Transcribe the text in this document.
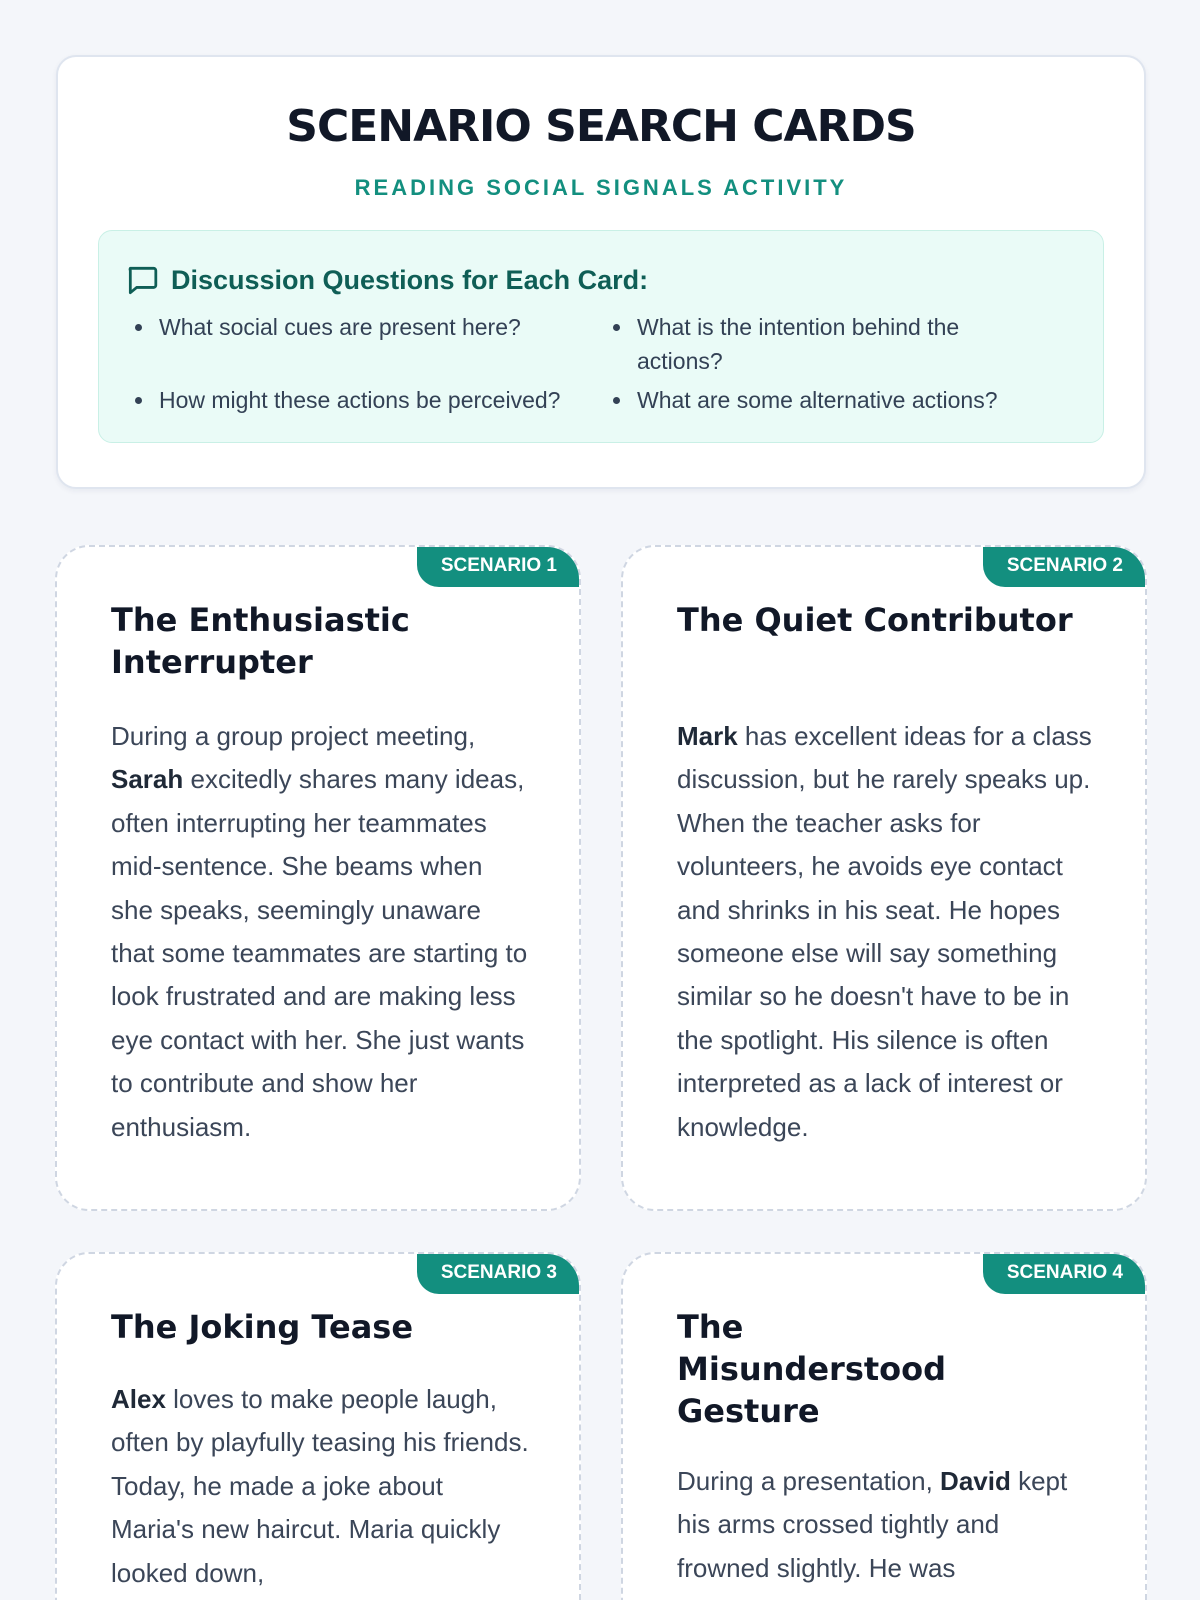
SCENARIO SEARCH CARDS
READING SOCIAL SIGNALS ACTIVITY
Discussion Questions for Each Card:
What social cues are present here?	What is the intention behind the actions?
How might these actions be perceived?	What are some alternative actions?
SCENARIO 1
The Enthusiastic Interrupter
During a group project meeting, Sarah excitedly shares many ideas, often interrupting her teammates mid-sentence. She beams when she speaks, seemingly unaware that some teammates are starting to look frustrated and are making less eye contact with her. She just wants to contribute and show her enthusiasm.
SCENARIO 2
The Quiet Contributor
Mark has excellent ideas for a class discussion, but he rarely speaks up. When the teacher asks for volunteers, he avoids eye contact and shrinks in his seat. He hopes someone else will say something similar so he doesn't have to be in the spotlight. His silence is often interpreted as a lack of interest or knowledge.
SCENARIO 3
The Joking Tease
Alex loves to make people laugh, often by playfully teasing his friends. Today, he made a joke about Maria's new haircut. Maria quickly looked down,
SCENARIO 4
The Misunderstood Gesture
During a presentation, David kept his arms crossed tightly and frowned slightly. He was
